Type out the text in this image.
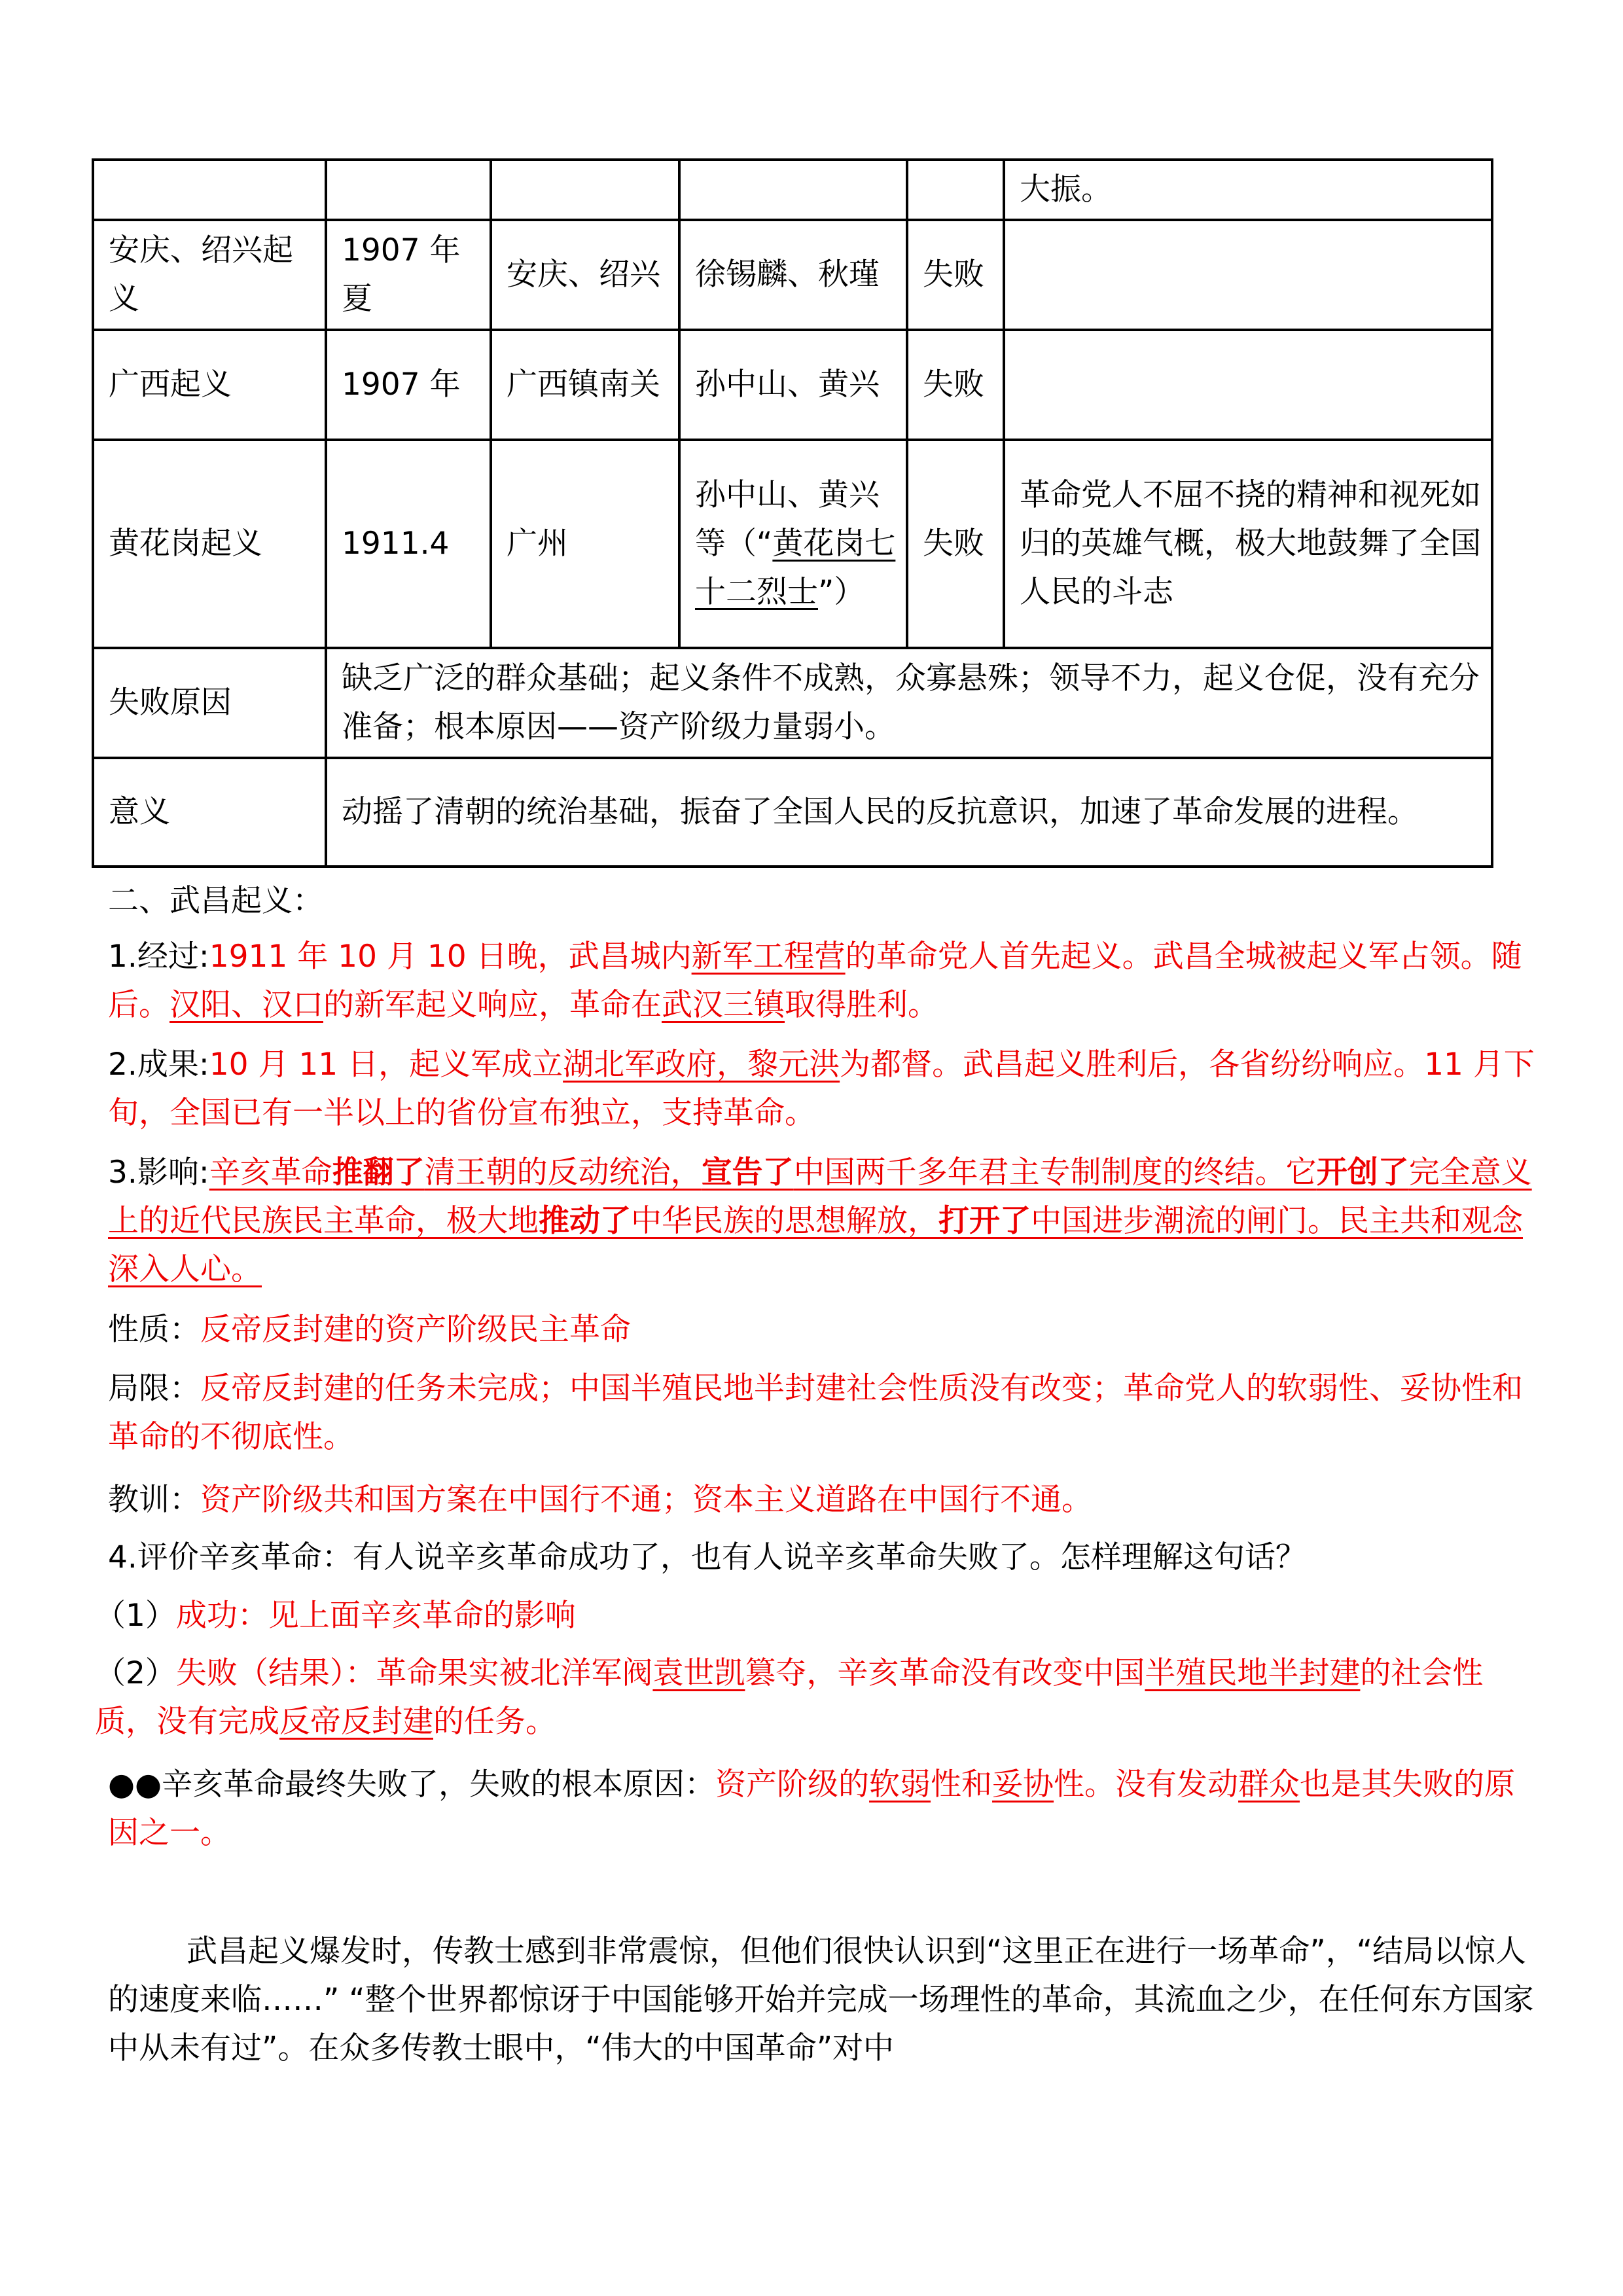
					大振。
安庆、绍兴起义	1907 年夏	安庆、绍兴	徐锡麟、秋瑾	失败	
广西起义	1907 年	广西镇南关	孙中山、黄兴	失败	
黄花岗起义	1911.4	广州	孙中山、黄兴等（“黄花岗七十二烈士”）	失败	革命党人不屈不挠的精神和视死如归的英雄气概，极大地鼓舞了全国人民的斗志
失败原因	缺乏广泛的群众基础；起义条件不成熟，众寡悬殊；领导不力，起义仓促，没有充分准备；根本原因——资产阶级力量弱小。				
意义	动摇了清朝的统治基础，振奋了全国人民的反抗意识，加速了革命发展的进程。				

二、武昌起义：

1.经过:1911 年 10 月 10 日晚，武昌城内新军工程营的革命党人首先起义。武昌全城被起义军占领。随后。汉阳、汉口的新军起义响应，革命在武汉三镇取得胜利。

2.成果:10 月 11 日，起义军成立湖北军政府，黎元洪为都督。武昌起义胜利后，各省纷纷响应。11 月下旬，全国已有一半以上的省份宣布独立，支持革命。

3.影响:辛亥革命推翻了清王朝的反动统治，宣告了中国两千多年君主专制制度的终结。它开创了完全意义上的近代民族民主革命，极大地推动了中华民族的思想解放，打开了中国进步潮流的闸门。民主共和观念深入人心。

性质：反帝反封建的资产阶级民主革命

局限：反帝反封建的任务未完成；中国半殖民地半封建社会性质没有改变；革命党人的软弱性、妥协性和革命的不彻底性。

教训：资产阶级共和国方案在中国行不通；资本主义道路在中国行不通。

4.评价辛亥革命：有人说辛亥革命成功了，也有人说辛亥革命失败了。怎样理解这句话？

（1）成功：见上面辛亥革命的影响

（2）失败（结果）：革命果实被北洋军阀袁世凯篡夺，辛亥革命没有改变中国半殖民地半封建的社会性质，没有完成反帝反封建的任务。

●●辛亥革命最终失败了，失败的根本原因：资产阶级的软弱性和妥协性。没有发动群众也是其失败的原因之一。

武昌起义爆发时，传教士感到非常震惊，但他们很快认识到“这里正在进行一场革命”，“结局以惊人的速度来临……” “整个世界都惊讶于中国能够开始并完成一场理性的革命，其流血之少，在任何东方国家中从未有过”。在众多传教士眼中，“伟大的中国革命”对中
